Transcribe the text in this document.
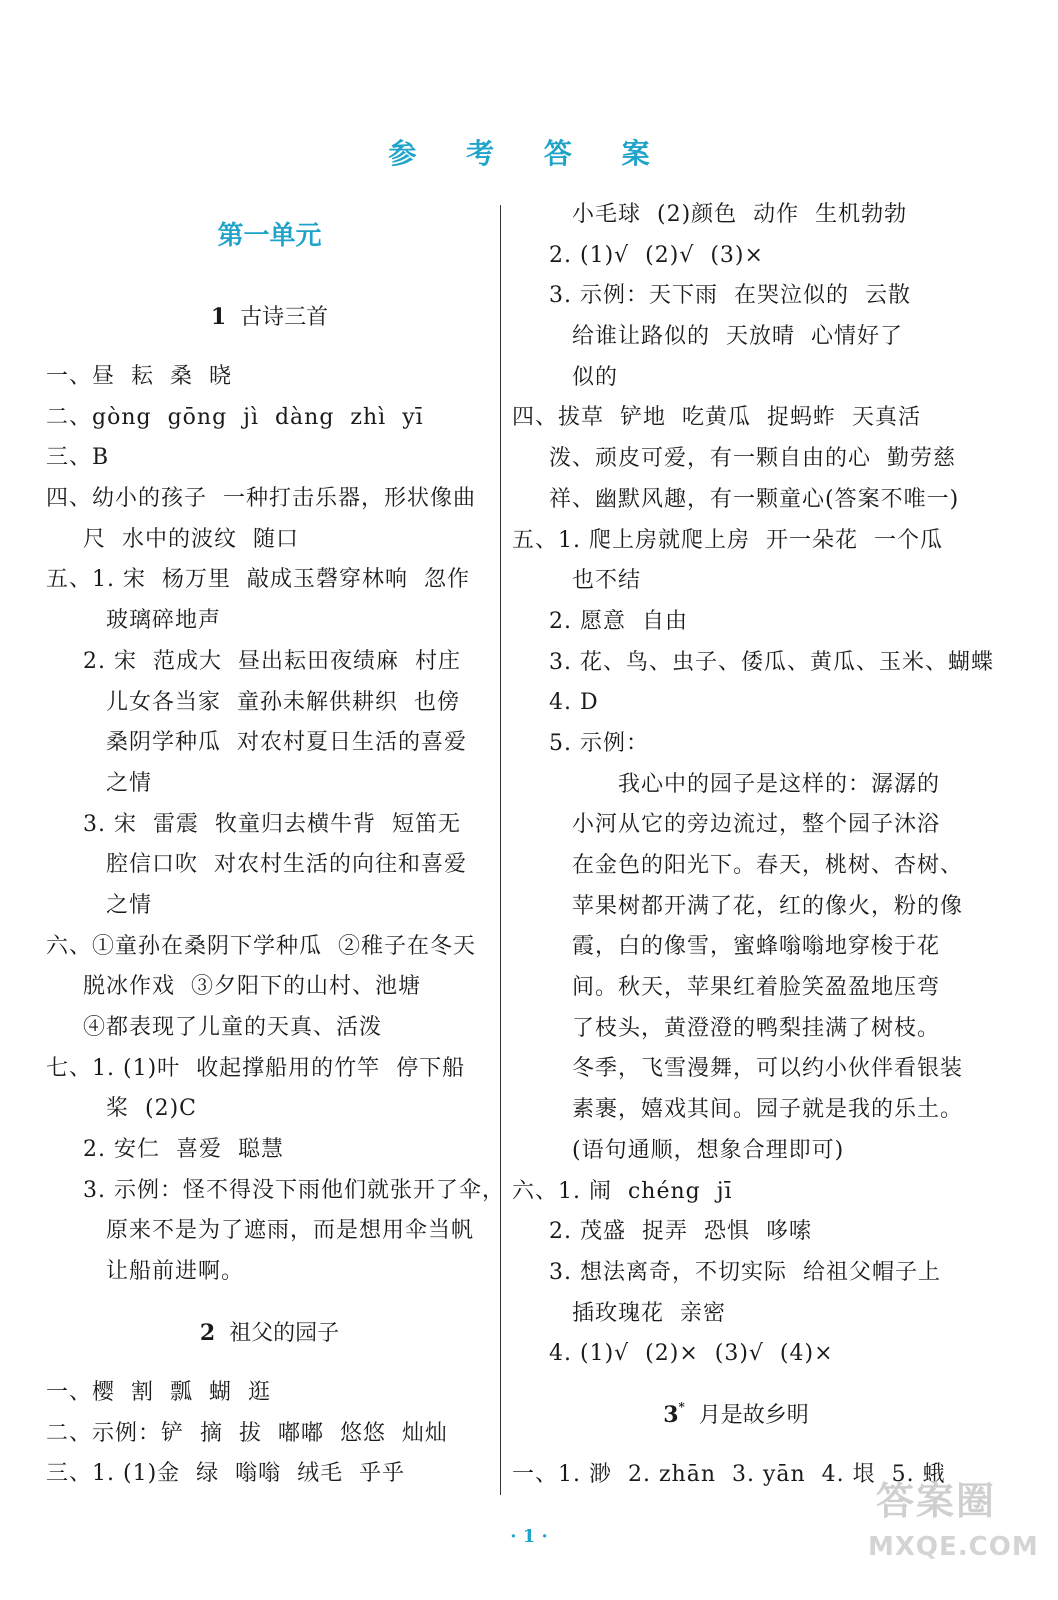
参 考 答 案
第一单元
1 古诗三首
一、昼  耘  桑  晓
二、gòng  gōng  jì  dàng  zhì  yī
三、B
四、幼小的孩子  一种打击乐器，形状像曲
尺  水中的波纹  随口
五、1. 宋  杨万里  敲成玉磬穿林响  忽作
玻璃碎地声
2. 宋  范成大  昼出耘田夜绩麻  村庄
儿女各当家  童孙未解供耕织  也傍
桑阴学种瓜  对农村夏日生活的喜爱
之情
3. 宋  雷震  牧童归去横牛背  短笛无
腔信口吹  对农村生活的向往和喜爱
之情
六、①童孙在桑阴下学种瓜  ②稚子在冬天
脱冰作戏  ③夕阳下的山村、池塘
④都表现了儿童的天真、活泼
七、1. (1)叶  收起撑船用的竹竿  停下船
桨  (2)C
2. 安仁  喜爱  聪慧
3. 示例：怪不得没下雨他们就张开了伞，
原来不是为了遮雨，而是想用伞当帆
让船前进啊。
2 祖父的园子
一、樱  割  瓢  蝴  逛
二、示例：铲  摘  拔  嘟嘟  悠悠  灿灿
三、1. (1)金  绿  嗡嗡  绒毛  乎乎
小毛球  (2)颜色  动作  生机勃勃
2. (1)√  (2)√  (3)×
3. 示例：天下雨  在哭泣似的  云散
给谁让路似的  天放晴  心情好了
似的
四、拔草  铲地  吃黄瓜  捉蚂蚱  天真活
泼、顽皮可爱，有一颗自由的心  勤劳慈
祥、幽默风趣，有一颗童心(答案不唯一)
五、1. 爬上房就爬上房  开一朵花  一个瓜
也不结
2. 愿意  自由
3. 花、鸟、虫子、倭瓜、黄瓜、玉米、蝴蝶
4. D
5. 示例：
我心中的园子是这样的：潺潺的
小河从它的旁边流过，整个园子沐浴
在金色的阳光下。春天，桃树、杏树、
苹果树都开满了花，红的像火，粉的像
霞，白的像雪，蜜蜂嗡嗡地穿梭于花
间。秋天，苹果红着脸笑盈盈地压弯
了枝头，黄澄澄的鸭梨挂满了树枝。
冬季，飞雪漫舞，可以约小伙伴看银装
素裹，嬉戏其间。园子就是我的乐土。
(语句通顺，想象合理即可)
六、1. 闹  chéng  jī
2. 茂盛  捉弄  恐惧  哆嗦
3. 想法离奇，不切实际  给祖父帽子上
插玫瑰花  亲密
4. (1)√  (2)×  (3)√  (4)×
3* 月是故乡明
一、1. 渺  2. zhān  3. yān  4. 垠  5. 蛾
· 1 ·
答案圈
MXQE.COM
